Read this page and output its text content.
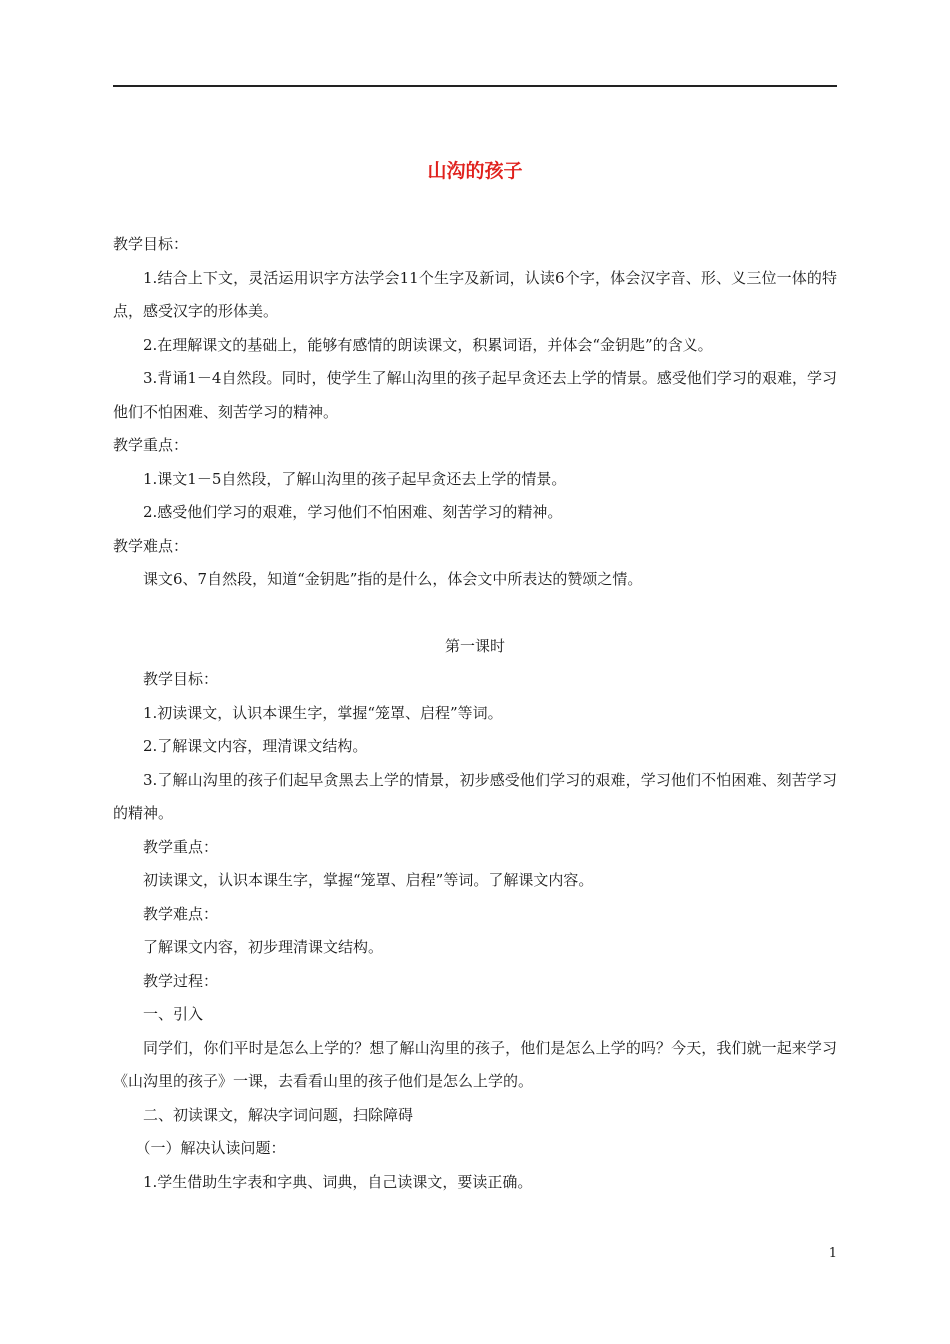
山沟的孩子

教学目标：

1.结合上下文，灵活运用识字方法学会11个生字及新词，认读6个字，体会汉字音、形、义三位一体的特点，感受汉字的形体美。

2.在理解课文的基础上，能够有感情的朗读课文，积累词语，并体会“金钥匙”的含义。

3.背诵1－4自然段。同时，使学生了解山沟里的孩子起早贪还去上学的情景。感受他们学习的艰难，学习他们不怕困难、刻苦学习的精神。

教学重点：

1.课文1－5自然段，了解山沟里的孩子起早贪还去上学的情景。

2.感受他们学习的艰难，学习他们不怕困难、刻苦学习的精神。

教学难点：

课文6、7自然段，知道“金钥匙”指的是什么，体会文中所表达的赞颂之情。

第一课时

教学目标：

1.初读课文，认识本课生字，掌握“笼罩、启程”等词。

2.了解课文内容，理清课文结构。

3.了解山沟里的孩子们起早贪黑去上学的情景，初步感受他们学习的艰难，学习他们不怕困难、刻苦学习的精神。

教学重点：

初读课文，认识本课生字，掌握“笼罩、启程”等词。了解课文内容。

教学难点：

了解课文内容，初步理清课文结构。

教学过程：

一、引入

同学们，你们平时是怎么上学的？想了解山沟里的孩子，他们是怎么上学的吗？今天，我们就一起来学习《山沟里的孩子》一课，去看看山里的孩子他们是怎么上学的。

二、初读课文，解决字词问题，扫除障碍

（一）解决认读问题：

1.学生借助生字表和字典、词典，自己读课文，要读正确。

1
